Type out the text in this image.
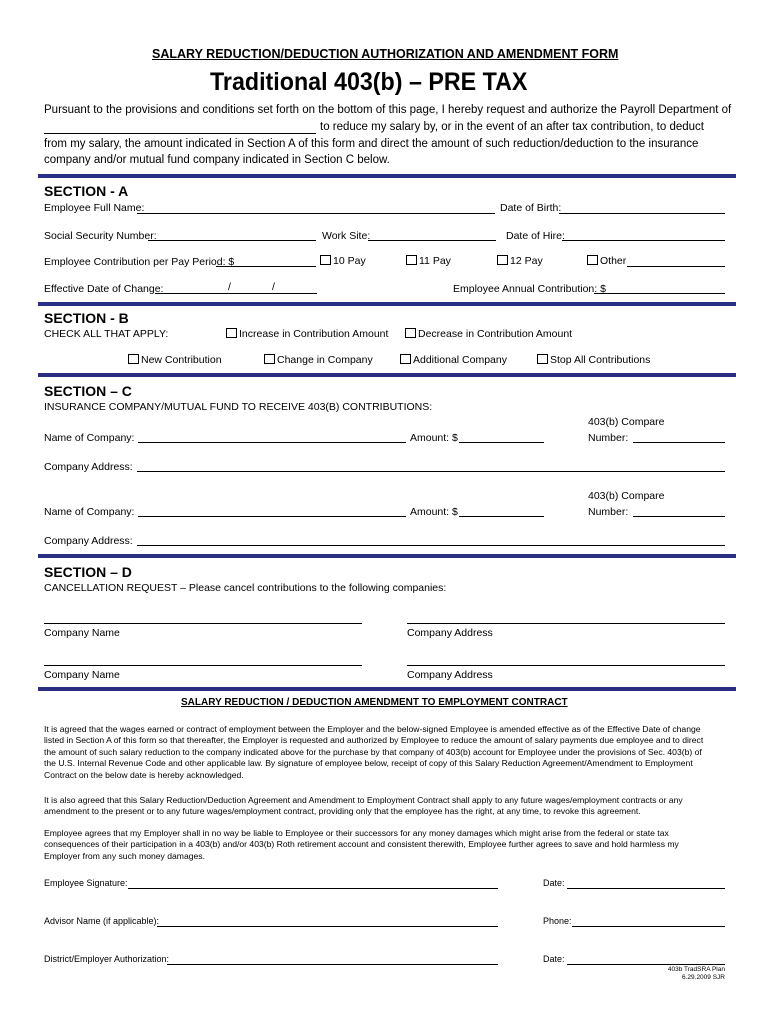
SALARY REDUCTION/DEDUCTION AUTHORIZATION AND AMENDMENT FORM
Traditional 403(b) – PRE TAX
Pursuant to the provisions and conditions set forth on the bottom of this page, I hereby request and authorize the Payroll Department of
to reduce my salary by, or in the event of an after tax contribution, to deduct
from my salary, the amount indicated in Section A of this form and direct the amount of such reduction/deduction to the insurance
company and/or mutual fund company indicated in Section C below.
SECTION - A
Employee Full Name:	Date of Birth:
Social Security Number:	Work Site:	Date of Hire:
Employee Contribution per Pay Period: $	10 Pay	11 Pay	12 Pay	Other
Effective Date of Change:	/	/	Employee Annual Contribution: $
SECTION - B
CHECK ALL THAT APPLY:	Increase in Contribution Amount	Decrease in Contribution Amount
New Contribution	Change in Company	Additional Company	Stop All Contributions
SECTION – C
INSURANCE COMPANY/MUTUAL FUND TO RECEIVE 403(B) CONTRIBUTIONS:
403(b) Compare
Name of Company:	Amount: $	Number:
Company Address:
403(b) Compare
Name of Company:	Amount: $	Number:
Company Address:
SECTION – D
CANCELLATION REQUEST – Please cancel contributions to the following companies:
Company Name	Company Address
Company Name	Company Address
SALARY REDUCTION / DEDUCTION AMENDMENT TO EMPLOYMENT CONTRACT
It is agreed that the wages earned or contract of employment between the Employer and the below-signed Employee is amended effective as of the Effective Date of change
listed in Section A of this form so that thereafter, the Employer is requested and authorized by Employee to reduce the amount of salary payments due employee and to direct
the amount of such salary reduction to the company indicated above for the purchase by that company of 403(b) account for Employee under the provisions of Sec. 403(b) of
the U.S. Internal Revenue Code and other applicable law. By signature of employee below, receipt of copy of this Salary Reduction Agreement/Amendment to Employment
Contract on the below date is hereby acknowledged.
It is also agreed that this Salary Reduction/Deduction Agreement and Amendment to Employment Contract shall apply to any future wages/employment contracts or any
amendment to the present or to any future wages/employment contract, providing only that the employee has the right, at any time, to revoke this agreement.
Employee agrees that my Employer shall in no way be liable to Employee or their successors for any money damages which might arise from the federal or state tax
consequences of their participation in a 403(b) and/or 403(b) Roth retirement account and consistent therewith, Employee further agrees to save and hold harmless my
Employer from any such money damages.
Employee Signature:	Date:
Advisor Name (if applicable):	Phone:
District/Employer Authorization:	Date:
403b TradSRA Plan
6.29.2009 SJR
